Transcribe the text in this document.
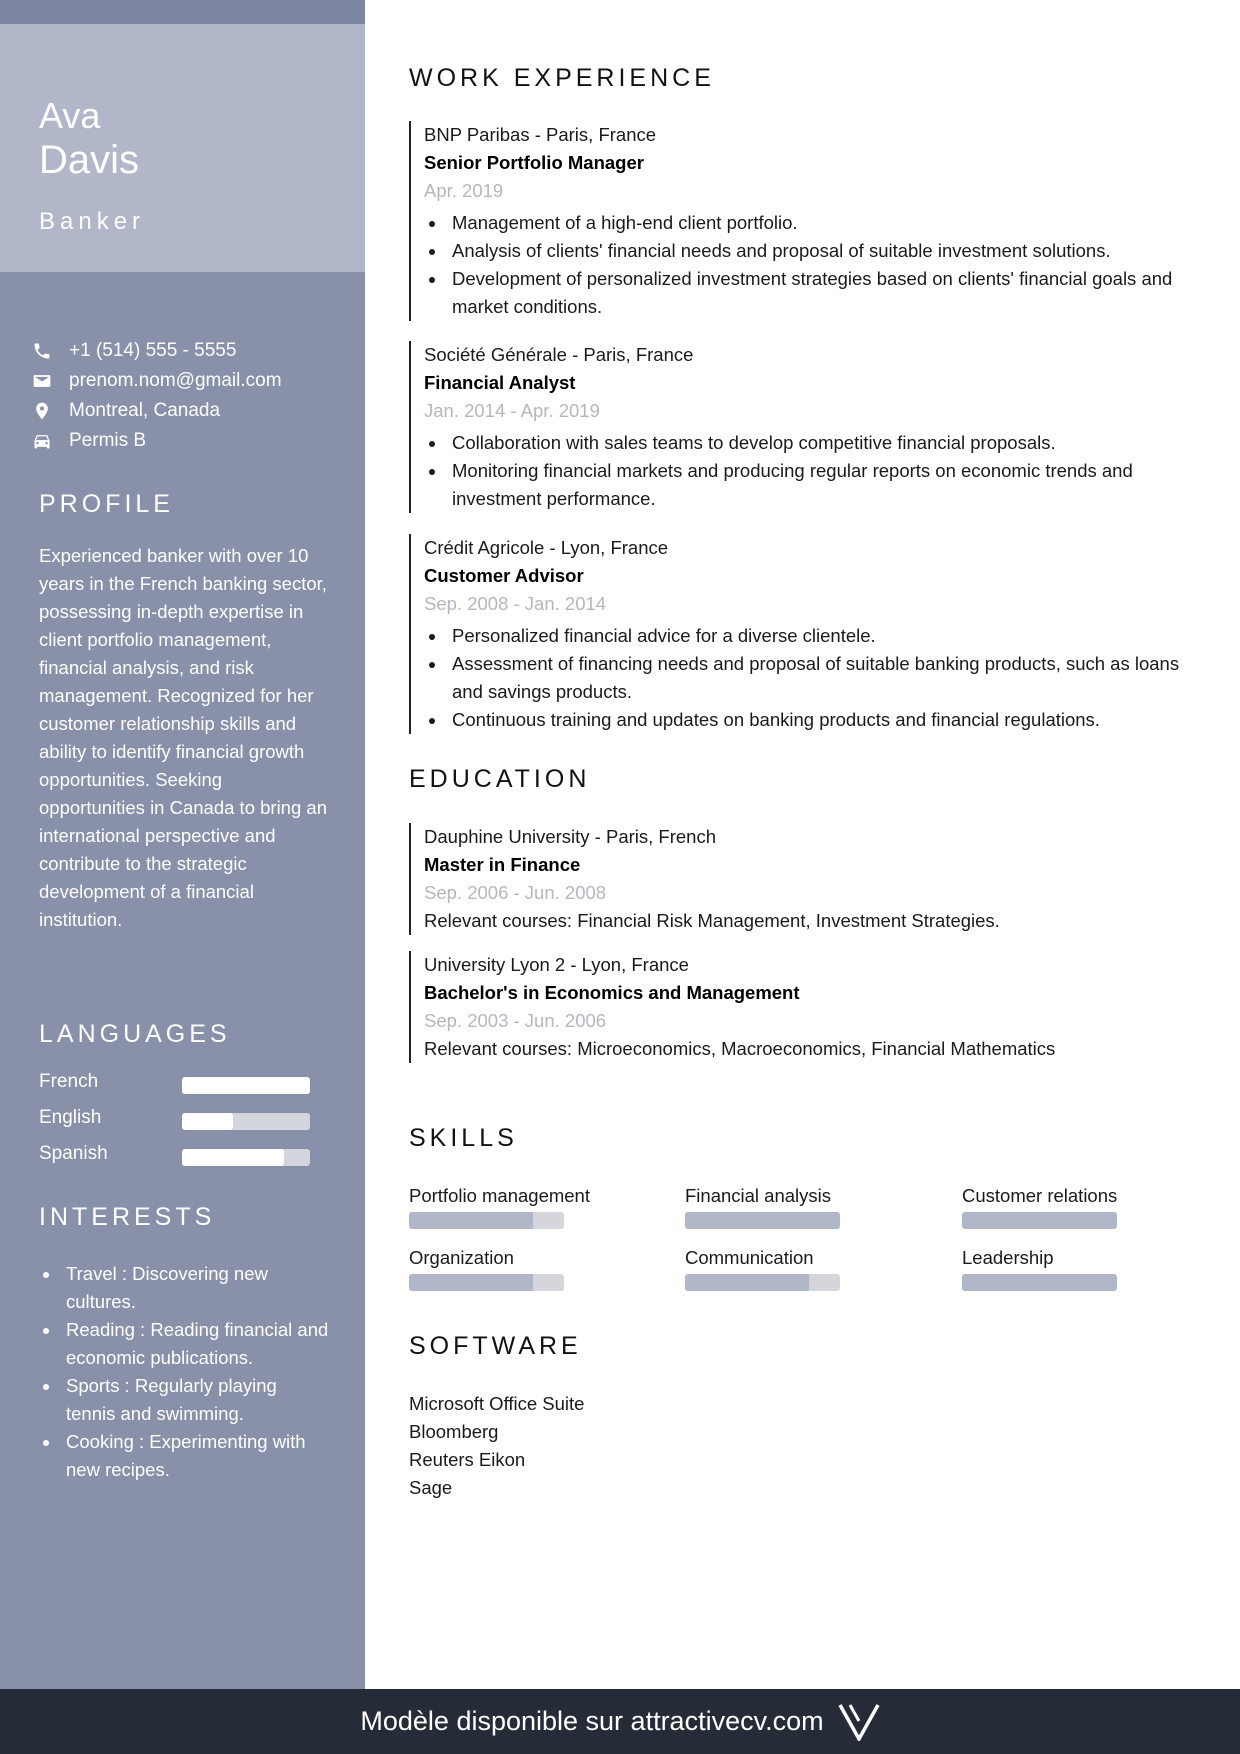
Ava
Davis
Banker
+1 (514) 555 - 5555
prenom.nom@gmail.com
Montreal, Canada
Permis B
PROFILE

Experienced banker with over 10 years in the French banking sector, possessing in-depth expertise in client portfolio management, financial analysis, and risk management. Recognized for her customer relationship skills and ability to identify financial growth opportunities. Seeking opportunities in Canada to bring an international perspective and contribute to the strategic development of a financial institution.

LANGUAGES
French
English
Spanish
INTERESTS
Travel : Discovering new cultures.
Reading : Reading financial and economic publications.
Sports : Regularly playing tennis and swimming.
Cooking : Experimenting with new recipes.
WORK EXPERIENCE
BNP Paribas - Paris, France
Senior Portfolio Manager
Apr. 2019
Management of a high-end client portfolio.
Analysis of clients' financial needs and proposal of suitable investment solutions.
Development of personalized investment strategies based on clients' financial goals and market conditions.
Société Générale - Paris, France
Financial Analyst
Jan. 2014 - Apr. 2019
Collaboration with sales teams to develop competitive financial proposals.
Monitoring financial markets and producing regular reports on economic trends and investment performance.
Crédit Agricole - Lyon, France
Customer Advisor
Sep. 2008 - Jan. 2014
Personalized financial advice for a diverse clientele.
Assessment of financing needs and proposal of suitable banking products, such as loans and savings products.
Continuous training and updates on banking products and financial regulations.
EDUCATION
Dauphine University - Paris, French
Master in Finance
Sep. 2006 - Jun. 2008
Relevant courses: Financial Risk Management, Investment Strategies.
University Lyon 2 - Lyon, France
Bachelor's in Economics and Management
Sep. 2003 - Jun. 2006
Relevant courses: Microeconomics, Macroeconomics, Financial Mathematics
SKILLS
Portfolio management	Financial analysis	Customer relations
Organization	Communication	Leadership
SOFTWARE
Microsoft Office Suite
Bloomberg
Reuters Eikon
Sage
Modèle disponible sur attractivecv.com
